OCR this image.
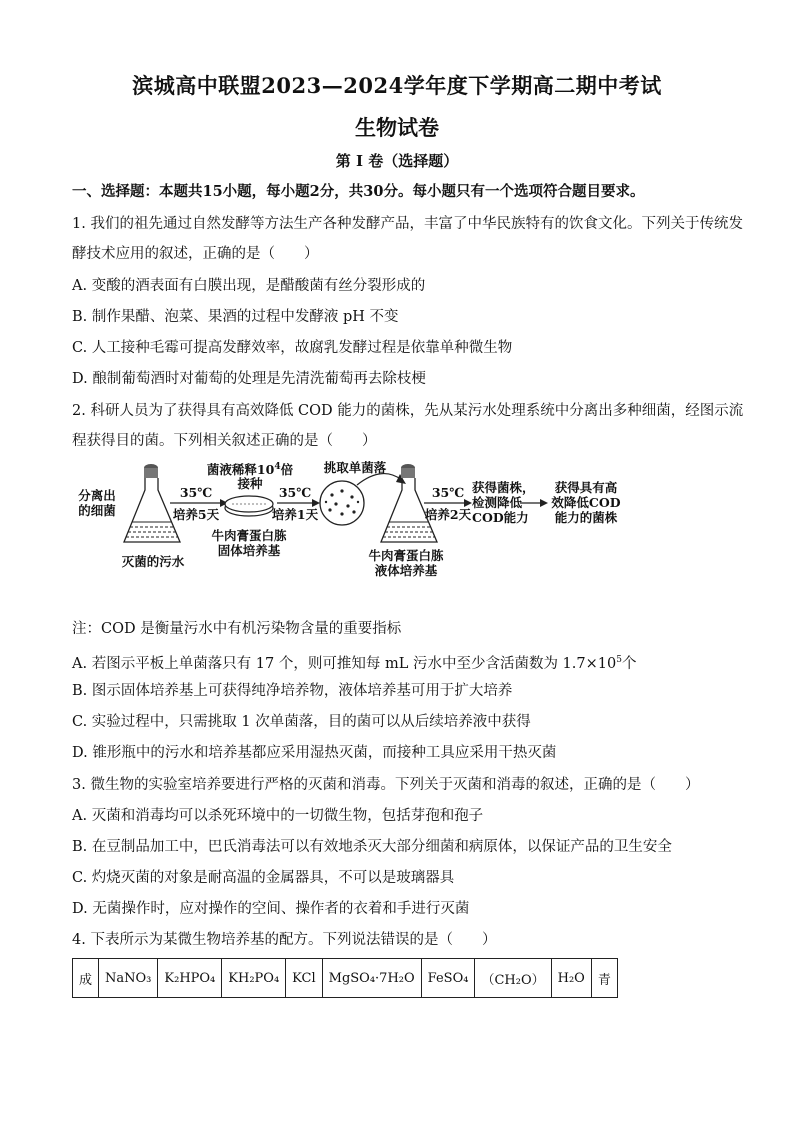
滨城高中联盟2023—2024学年度下学期高二期中考试
生物试卷
第 I 卷（选择题）
一、选择题：本题共15小题，每小题2分，共30分。每小题只有一个选项符合题目要求。
1. 我们的祖先通过自然发酵等方法生产各种发酵产品，丰富了中华民族特有的饮食文化。下列关于传统发
酵技术应用的叙述，正确的是（　　）
A. 变酸的酒表面有白膜出现，是醋酸菌有丝分裂形成的
B. 制作果醋、泡菜、果酒的过程中发酵液 pH 不变
C. 人工接种毛霉可提高发酵效率，故腐乳发酵过程是依靠单种微生物
D. 酿制葡萄酒时对葡萄的处理是先清洗葡萄再去除枝梗
2. 科研人员为了获得具有高效降低 COD 能力的菌株，先从某污水处理系统中分离出多种细菌，经图示流
程获得目的菌。下列相关叙述正确的是（　　）
分离出
的细菌
35℃
培养5天
灭菌的污水
菌液稀释$10^4$倍
接种
35℃
培养1天
牛肉膏蛋白胨
固体培养基
挑取单菌落
35℃
培养2天
牛肉膏蛋白胨
液体培养基
获得菌株，
检测降低
COD能力
获得具有高
效降低COD
能力的菌株
注：COD 是衡量污水中有机污染物含量的重要指标
A. 若图示平板上单菌落只有 17 个，则可推知每 mL 污水中至少含活菌数为 $1.7\times 10^5$个
B. 图示固体培养基上可获得纯净培养物，液体培养基可用于扩大培养
C. 实验过程中，只需挑取 1 次单菌落，目的菌可以从后续培养液中获得
D. 锥形瓶中的污水和培养基都应采用湿热灭菌，而接种工具应采用干热灭菌
3. 微生物的实验室培养要进行严格的灭菌和消毒。下列关于灭菌和消毒的叙述，正确的是（　　）
A. 灭菌和消毒均可以杀死环境中的一切微生物，包括芽孢和孢子
B. 在豆制品加工中，巴氏消毒法可以有效地杀灭大部分细菌和病原体，以保证产品的卫生安全
C. 灼烧灭菌的对象是耐高温的金属器具，不可以是玻璃器具
D. 无菌操作时，应对操作的空间、操作者的衣着和手进行灭菌
4. 下表所示为某微生物培养基的配方。下列说法错误的是（　　）
成	NaNO₃	K₂HPO₄	KH₂PO₄	KCl	MgSO₄·7H₂O	FeSO₄	（CH₂O）	H₂O	青
